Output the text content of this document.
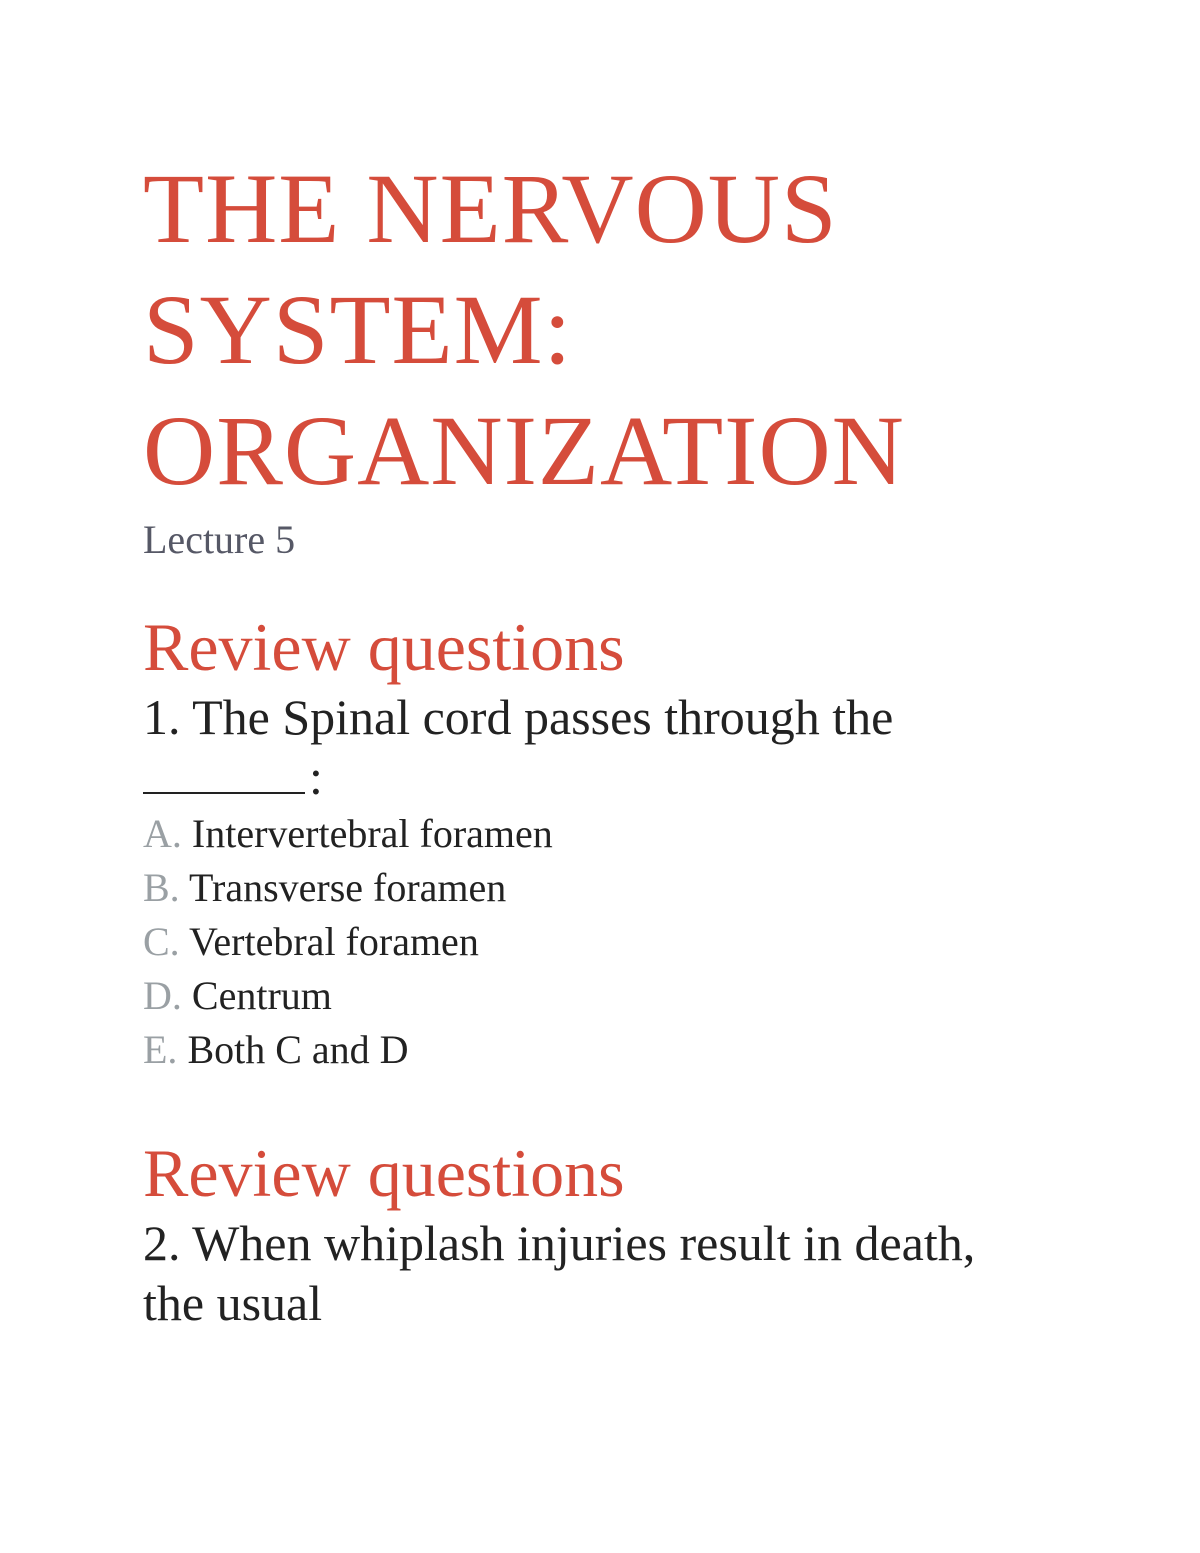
THE NERVOUS
SYSTEM:
ORGANIZATION
Lecture 5
Review questions
1. The Spinal cord passes through the
:
A. Intervertebral foramen
B. Transverse foramen
C. Vertebral foramen
D. Centrum
E. Both C and D
Review questions
2. When whiplash injuries result in death,
the usual
